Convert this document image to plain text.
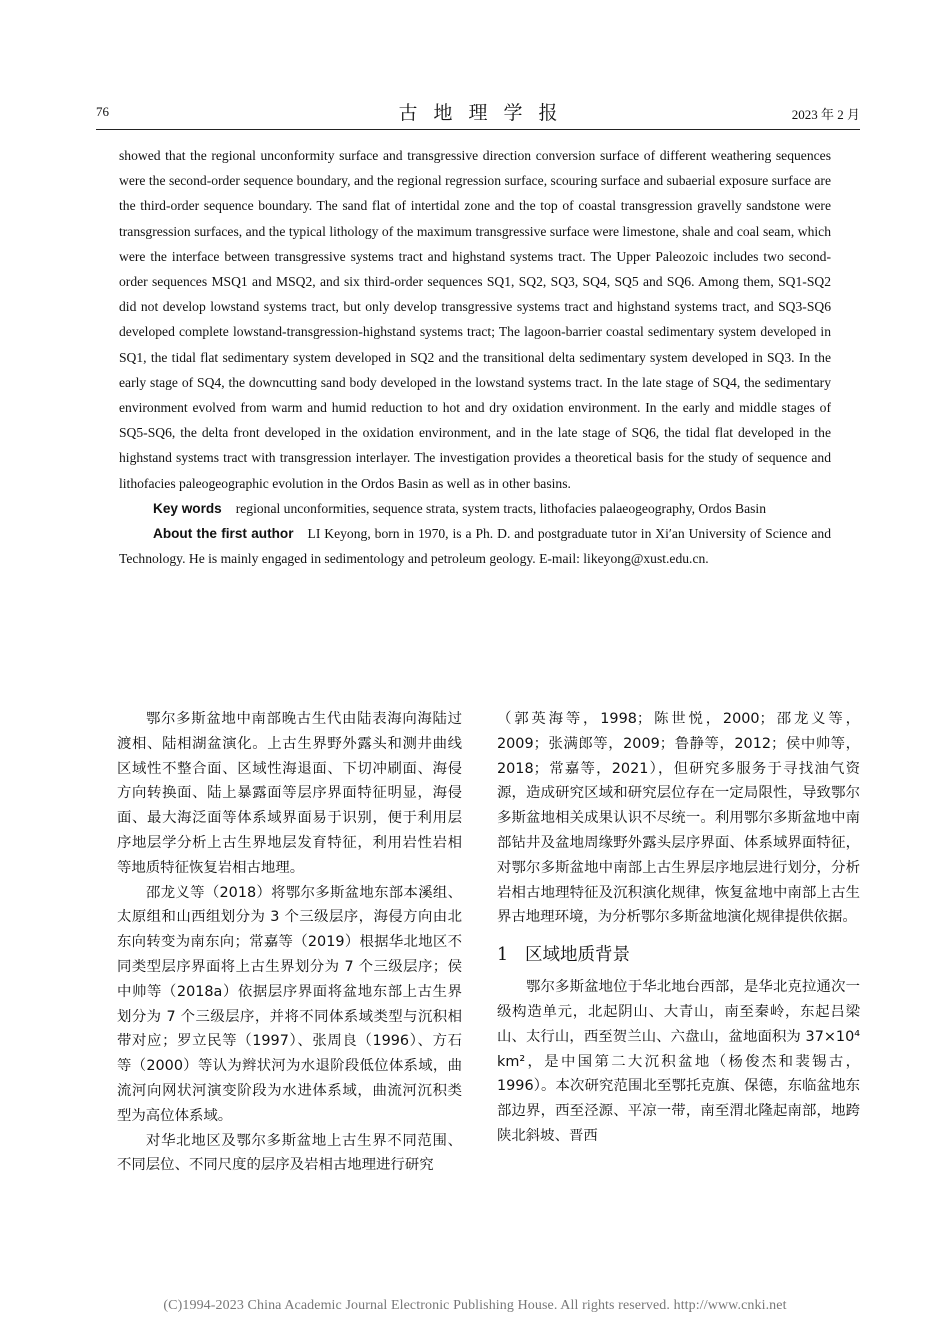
76	古地理学报	2023 年 2 月

showed that the regional unconformity surface and transgressive direction conversion surface of different weathering sequences were the second-order sequence boundary, and the regional regression surface, scouring surface and subaerial exposure surface are the third-order sequence boundary. The sand flat of intertidal zone and the top of coastal transgression gravelly sandstone were transgression surfaces, and the typical lithology of the maximum transgressive surface were limestone, shale and coal seam, which were the interface between transgressive systems tract and highstand systems tract. The Upper Paleozoic includes two second-order sequences MSQ1 and MSQ2, and six third-order sequences SQ1, SQ2, SQ3, SQ4, SQ5 and SQ6. Among them, SQ1-SQ2 did not develop lowstand systems tract, but only develop transgressive systems tract and highstand systems tract, and SQ3-SQ6 developed complete lowstand-transgression-highstand systems tract; The lagoon-barrier coastal sedimentary system developed in SQ1, the tidal flat sedimentary system developed in SQ2 and the transitional delta sedimentary system developed in SQ3. In the early stage of SQ4, the downcutting sand body developed in the lowstand systems tract. In the late stage of SQ4, the sedimentary environment evolved from warm and humid reduction to hot and dry oxidation environment. In the early and middle stages of SQ5-SQ6, the delta front developed in the oxidation environment, and in the late stage of SQ6, the tidal flat developed in the highstand systems tract with transgression interlayer. The investigation provides a theoretical basis for the study of sequence and lithofacies paleogeographic evolution in the Ordos Basin as well as in other basins.

Key words regional unconformities, sequence strata, system tracts, lithofacies palaeogeography, Ordos Basin

About the first author LI Keyong, born in 1970, is a Ph. D. and postgraduate tutor in Xi′an University of Science and Technology. He is mainly engaged in sedimentology and petroleum geology. E-mail: likeyong@xust.edu.cn.

鄂尔多斯盆地中南部晚古生代由陆表海向海陆过渡相、陆相湖盆演化。上古生界野外露头和测井曲线区域性不整合面、区域性海退面、下切冲刷面、海侵方向转换面、陆上暴露面等层序界面特征明显，海侵面、最大海泛面等体系域界面易于识别，便于利用层序地层学分析上古生界地层发育特征，利用岩性岩相等地质特征恢复岩相古地理。

邵龙义等（2018）将鄂尔多斯盆地东部本溪组、太原组和山西组划分为 3 个三级层序，海侵方向由北东向转变为南东向；常嘉等（2019）根据华北地区不同类型层序界面将上古生界划分为 7 个三级层序；侯中帅等（2018a）依据层序界面将盆地东部上古生界划分为 7 个三级层序，并将不同体系域类型与沉积相带对应；罗立民等（1997）、张周良（1996）、方石等（2000）等认为辫状河为水退阶段低位体系域，曲流河向网状河演变阶段为水进体系域，曲流河沉积类型为高位体系域。

对华北地区及鄂尔多斯盆地上古生界不同范围、不同层位、不同尺度的层序及岩相古地理进行研究

（郭英海等，1998；陈世悦，2000；邵龙义等，2009；张满郎等，2009；鲁静等，2012；侯中帅等，2018；常嘉等，2021），但研究多服务于寻找油气资源，造成研究区域和研究层位存在一定局限性，导致鄂尔多斯盆地相关成果认识不尽统一。利用鄂尔多斯盆地中南部钻井及盆地周缘野外露头层序界面、体系域界面特征，对鄂尔多斯盆地中南部上古生界层序地层进行划分，分析岩相古地理特征及沉积演化规律，恢复盆地中南部上古生界古地理环境，为分析鄂尔多斯盆地演化规律提供依据。

1 区域地质背景

鄂尔多斯盆地位于华北地台西部，是华北克拉通次一级构造单元，北起阴山、大青山，南至秦岭，东起吕梁山、太行山，西至贺兰山、六盘山，盆地面积为 37×10⁴ km²，是中国第二大沉积盆地（杨俊杰和裴锡古，1996）。本次研究范围北至鄂托克旗、保德，东临盆地东部边界，西至泾源、平凉一带，南至渭北隆起南部，地跨陕北斜坡、晋西

(C)1994-2023 China Academic Journal Electronic Publishing House. All rights reserved. http://www.cnki.net
